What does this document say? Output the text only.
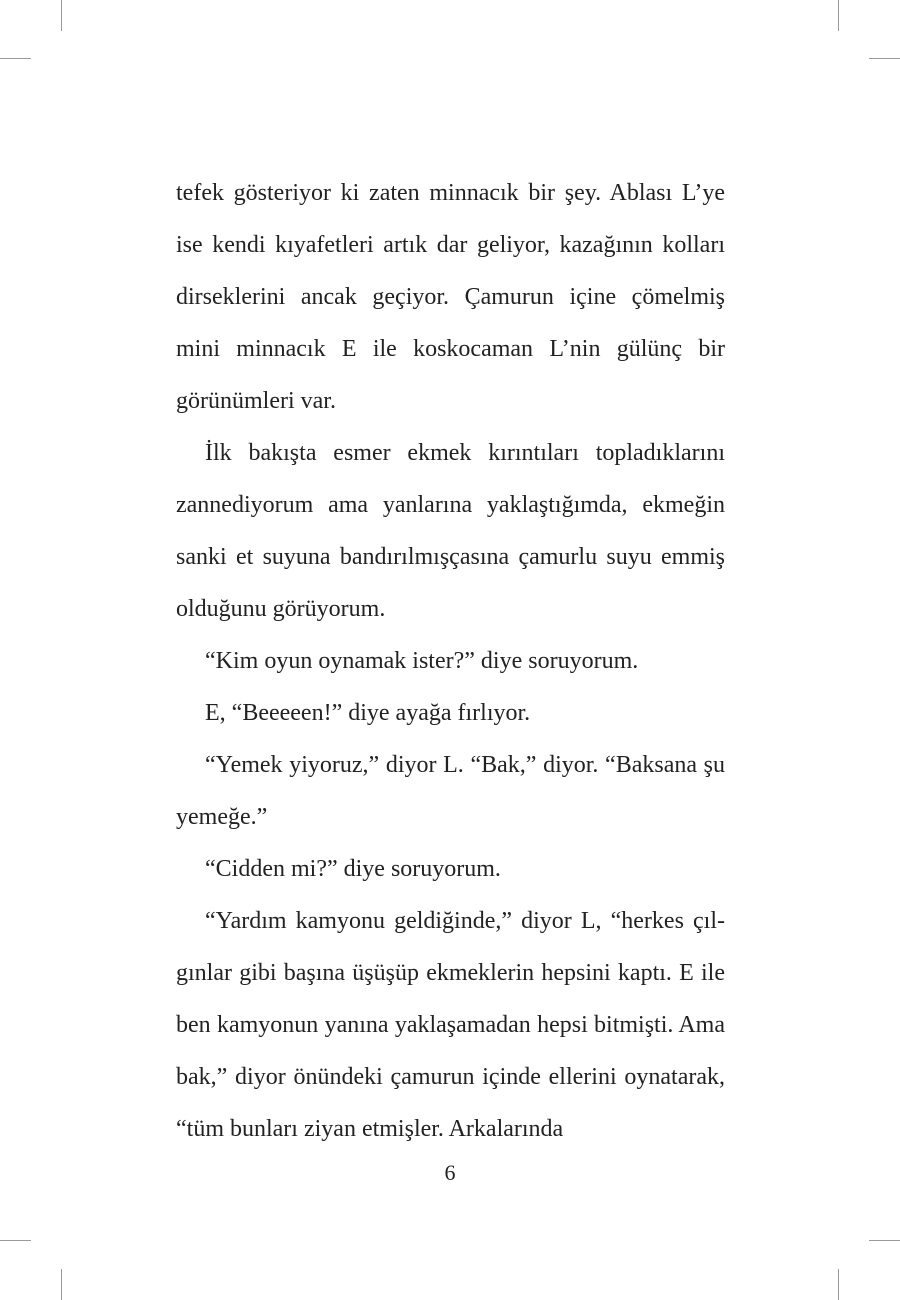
tefek gösteriyor ki zaten minnacık bir şey. Ablası L’ye ise kendi kıyafetleri artık dar geliyor, kazağının kolları dirseklerini ancak geçiyor. Çamurun içine çömelmiş mini minnacık E ile koskocaman L’nin gülünç bir görünümleri var.

İlk bakışta esmer ekmek kırıntıları topladıklarını zannediyorum ama yanlarına yaklaştığımda, ekmeğin sanki et suyuna bandırılmışçasına çamurlu suyu emmiş olduğunu görüyorum.

“Kim oyun oynamak ister?” diye soruyorum.

E, “Beeeeen!” diye ayağa fırlıyor.

“Yemek yiyoruz,” diyor L. “Bak,” diyor. “Baksana şu yemeğe.”

“Cidden mi?” diye soruyorum.

“Yardım kamyonu geldiğinde,” diyor L, “herkes çılgınlar gibi başına üşüşüp ekmeklerin hepsini kaptı. E ile ben kamyonun yanına yaklaşamadan hepsi bitmişti. Ama bak,” diyor önündeki çamurun içinde ellerini oynatarak, “tüm bunları ziyan etmişler. Arkalarında

6
